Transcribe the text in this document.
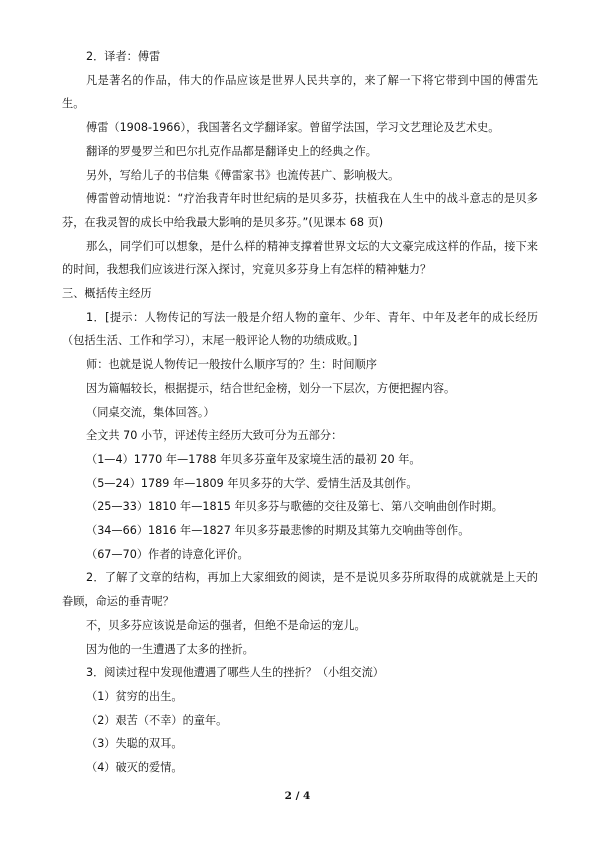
2．译者：傅雷

凡是著名的作品，伟大的作品应该是世界人民共享的，来了解一下将它带到中国的傅雷先生。

傅雷（1908-1966），我国著名文学翻译家。曾留学法国，学习文艺理论及艺术史。

翻译的罗曼罗兰和巴尔扎克作品都是翻译史上的经典之作。

另外，写给儿子的书信集《傅雷家书》也流传甚广、影响极大。

傅雷曾动情地说：“疗治我青年时世纪病的是贝多芬，扶植我在人生中的战斗意志的是贝多芬，在我灵智的成长中给我最大影响的是贝多芬。”(见课本 68 页)

那么，同学们可以想象，是什么样的精神支撑着世界文坛的大文豪完成这样的作品，接下来的时间，我想我们应该进行深入探讨，究竟贝多芬身上有怎样的精神魅力？

三、概括传主经历

1．[提示：人物传记的写法一般是介绍人物的童年、少年、青年、中年及老年的成长经历（包括生活、工作和学习），末尾一般评论人物的功绩成败。]

师：也就是说人物传记一般按什么顺序写的？生：时间顺序

因为篇幅较长，根据提示，结合世纪金榜，划分一下层次，方便把握内容。

（同桌交流，集体回答。）

全文共 70 小节，评述传主经历大致可分为五部分：

（1—4）1770 年—1788 年贝多芬童年及家境生活的最初 20 年。

（5—24）1789 年—1809 年贝多芬的大学、爱情生活及其创作。

（25—33）1810 年—1815 年贝多芬与歌德的交往及第七、第八交响曲创作时期。

（34—66）1816 年—1827 年贝多芬最悲惨的时期及其第九交响曲等创作。

（67—70）作者的诗意化评价。

2．了解了文章的结构，再加上大家细致的阅读，是不是说贝多芬所取得的成就就是上天的眷顾，命运的垂青呢？

不，贝多芬应该说是命运的强者，但绝不是命运的宠儿。

因为他的一生遭遇了太多的挫折。

3．阅读过程中发现他遭遇了哪些人生的挫折？（小组交流）

（1）贫穷的出生。

（2）艰苦（不幸）的童年。

（3）失聪的双耳。

（4）破灭的爱情。

2 / 4
